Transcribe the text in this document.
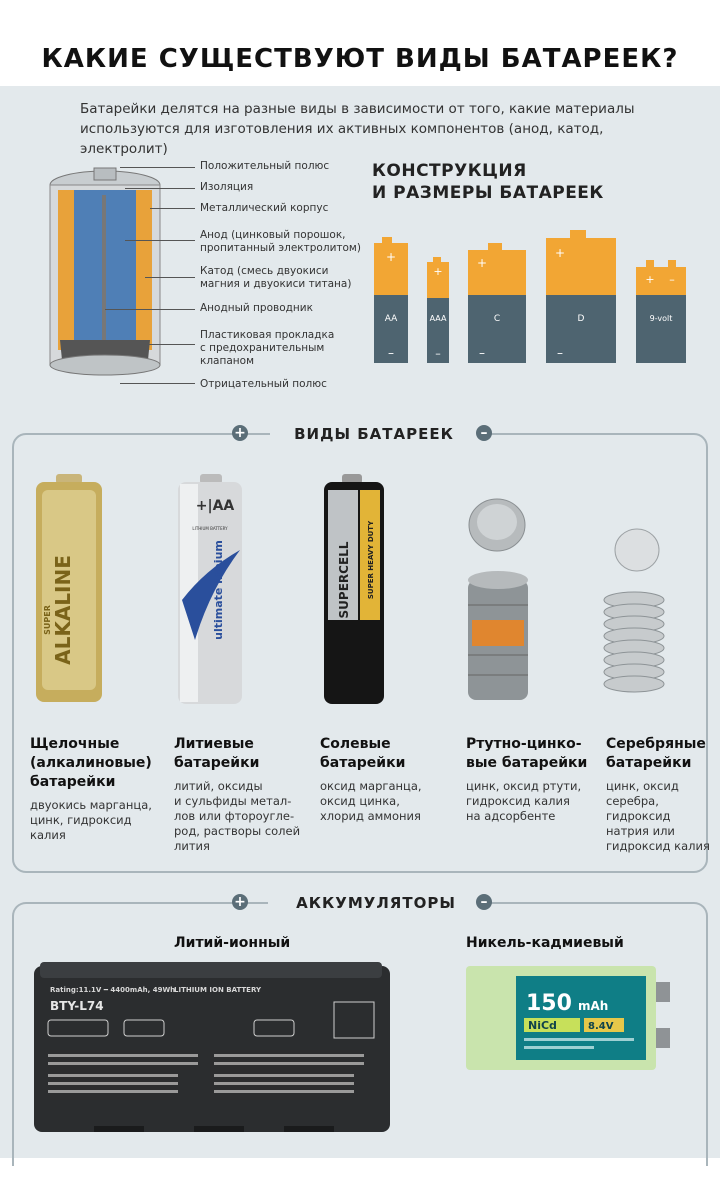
КАКИЕ СУЩЕСТВУЮТ ВИДЫ БАТАРЕЕК?
Батарейки делятся на разные виды в зависимости от того, какие материалы
используются для изготовления их активных компонентов (анод, катод, электролит)
Положительный полюс
Изоляция
Металлический корпус
Анод (цинковый порошок,
пропитанный электролитом)
Катод (смесь двуокиси
магния и двуокиси титана)
Анодный проводник
Пластиковая прокладка
с предохранительным
клапаном
Отрицательный полюс
КОНСТРУКЦИЯ
И РАЗМЕРЫ БАТАРЕЕК
AA
+
–
AAA
+
–
C
+
–
D
+
–
9-volt
+ –
+	ВИДЫ БАТАРЕЕК	–
ALKALINE
SUPER
+|AA
LITHIUM BATTERY
ultimate lithium	SUPERCELL SUPER HEAVY DUTY
Щелочные
(алкалиновые)
батарейки
двуокись марганца,
цинк, гидроксид
калия
Литиевые
батарейки
литий, оксиды
и сульфиды метал-
лов или фтороугле-
род, растворы солей
лития
Солевые
батарейки
оксид марганца,
оксид цинка,
хлорид аммония
Ртутно-цинко-
вые батарейки
цинк, оксид ртути,
гидроксид калия
на адсорбенте
Серебряные
батарейки
цинк, оксид
серебра,
гидроксид
натрия или
гидроксид калия
+	АККУМУЛЯТОРЫ	–
Литий-ионный	Никель-кадмиевый
Rating:11.1V ━ 4400mAh, 49Wh
LITHIUM ION BATTERY
BTY-L74	150 mAh
NiCd	8.4V
